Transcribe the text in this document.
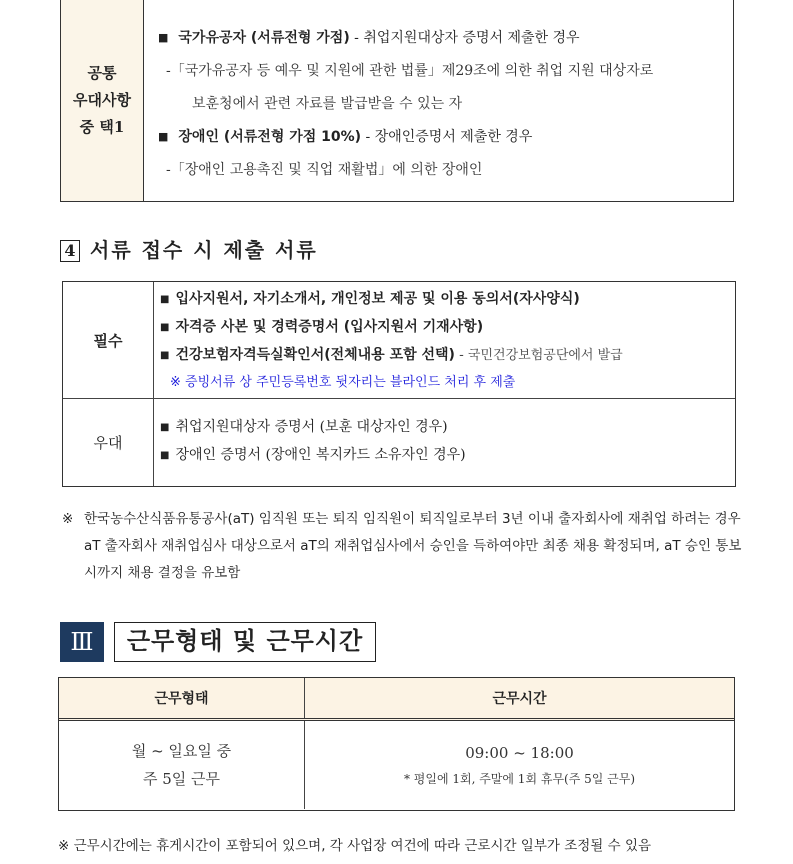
공통
우대사항
중 택1
■ 국가유공자 (서류전형 가점) - 취업지원대상자 증명서 제출한 경우
-「국가유공자 등 예우 및 지원에 관한 법률」제29조에 의한 취업 지원 대상자로
보훈청에서 관련 자료를 발급받을 수 있는 자
■ 장애인 (서류전형 가점 10%) - 장애인증명서 제출한 경우
-「장애인 고용촉진 및 직업 재활법」에 의한 장애인
4 서류 접수 시 제출 서류
필수
■ 입사지원서, 자기소개서, 개인정보 제공 및 이용 동의서(자사양식)
■ 자격증 사본 및 경력증명서 (입사지원서 기재사항)
■ 건강보험자격득실확인서(전체내용 포함 선택) - 국민건강보험공단에서 발급
※ 증빙서류 상 주민등록번호 뒷자리는 블라인드 처리 후 제출
우대
■ 취업지원대상자 증명서 (보훈 대상자인 경우)
■ 장애인 증명서 (장애인 복지카드 소유자인 경우)
※ 한국농수산식품유통공사(aT) 임직원 또는 퇴직 임직원이 퇴직일로부터 3년 이내 출자회사에 재취업 하려는 경우 aT 출자회사 재취업심사 대상으로서 aT의 재취업심사에서 승인을 득하여야만 최종 채용 확정되며, aT 승인 통보 시까지 채용 결정을 유보함
Ⅲ	근무형태 및 근무시간
근무형태	근무시간
월 ~ 일요일 중
주 5일 근무
09:00 ~ 18:00
* 평일에 1회, 주말에 1회 휴무(주 5일 근무)
※ 근무시간에는 휴게시간이 포함되어 있으며, 각 사업장 여건에 따라 근로시간 일부가 조정될 수 있음
